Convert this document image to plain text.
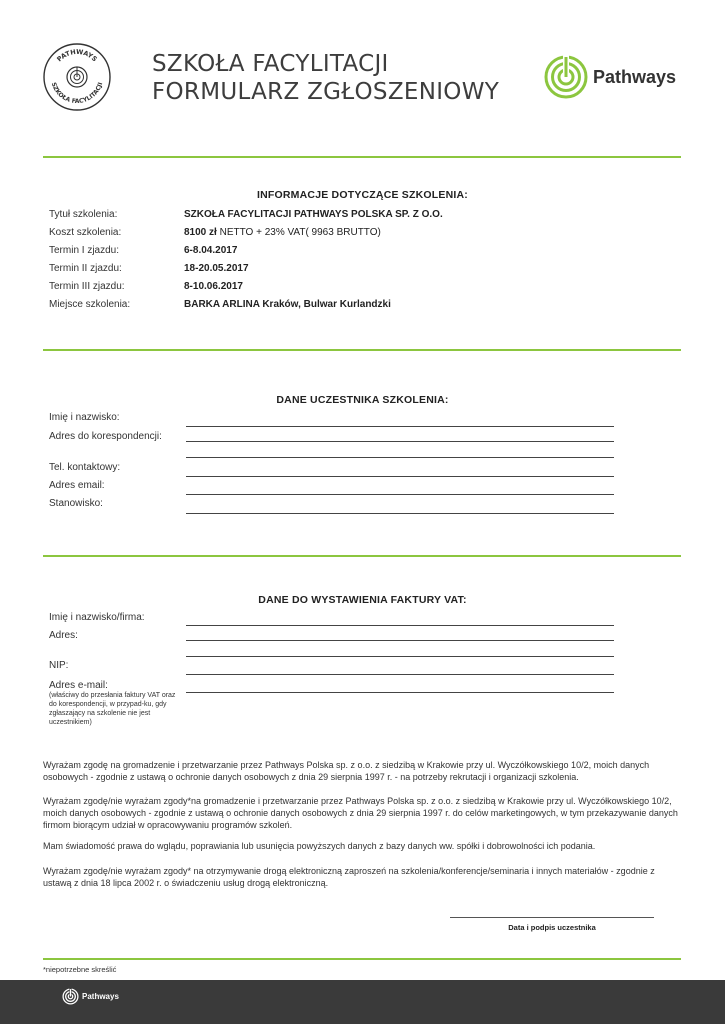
PATHWAYS
SZKOŁA FACYLITACJI
SZKOŁA FACYLITACJI
FORMULARZ ZGŁOSZENIOWY
Pathways
INFORMACJE DOTYCZĄCE SZKOLENIA:
Tytuł szkolenia:	SZKOŁA FACYLITACJI PATHWAYS POLSKA SP. Z O.O.
Koszt szkolenia:	8100 zł NETTO + 23% VAT( 9963 BRUTTO)
Termin I zjazdu:	6-8.04.2017
Termin II zjazdu:	18-20.05.2017
Termin III zjazdu:	8-10.06.2017
Miejsce szkolenia:	BARKA ARLINA Kraków, Bulwar Kurlandzki
DANE UCZESTNIKA SZKOLENIA:
Imię i nazwisko:
Adres do korespondencji:
Tel. kontaktowy:
Adres email:
Stanowisko:
DANE DO WYSTAWIENIA FAKTURY VAT:
Imię i nazwisko/firma:
Adres:
NIP:
Adres e-mail:
(właściwy do przesłania faktury VAT oraz do korespondencji, w przypad-ku, gdy zgłaszający na szkolenie nie jest uczestnikiem)
Wyrażam zgodę na gromadzenie i przetwarzanie przez Pathways Polska sp. z o.o. z siedzibą w Krakowie przy ul. Wyczółkowskiego 10/2, moich danych osobowych - zgodnie z ustawą o ochronie danych osobowych z dnia 29 sierpnia 1997 r. - na potrzeby rekrutacji i organizacji szkolenia.
Wyrażam zgodę/nie wyrażam zgody*na gromadzenie i przetwarzanie przez Pathways Polska sp. z o.o. z siedzibą w Krakowie przy ul. Wyczółkowskiego 10/2, moich danych osobowych - zgodnie z ustawą o ochronie danych osobowych z dnia 29 sierpnia 1997 r. do celów marketingowych, w tym przekazywanie danych firmom biorącym udział w opracowywaniu programów szkoleń.
Mam świadomość prawa do wglądu, poprawiania lub usunięcia powyższych danych z bazy danych ww. spółki i dobrowolności ich podania.
Wyrażam zgodę/nie wyrażam zgody* na otrzymywanie drogą elektroniczną zaproszeń na szkolenia/konferencje/seminaria i innych materiałów - zgodnie z ustawą z dnia 18 lipca 2002 r. o świadczeniu usług drogą elektroniczną.
Data i podpis uczestnika
*niepotrzebne skreślić
Pathways
